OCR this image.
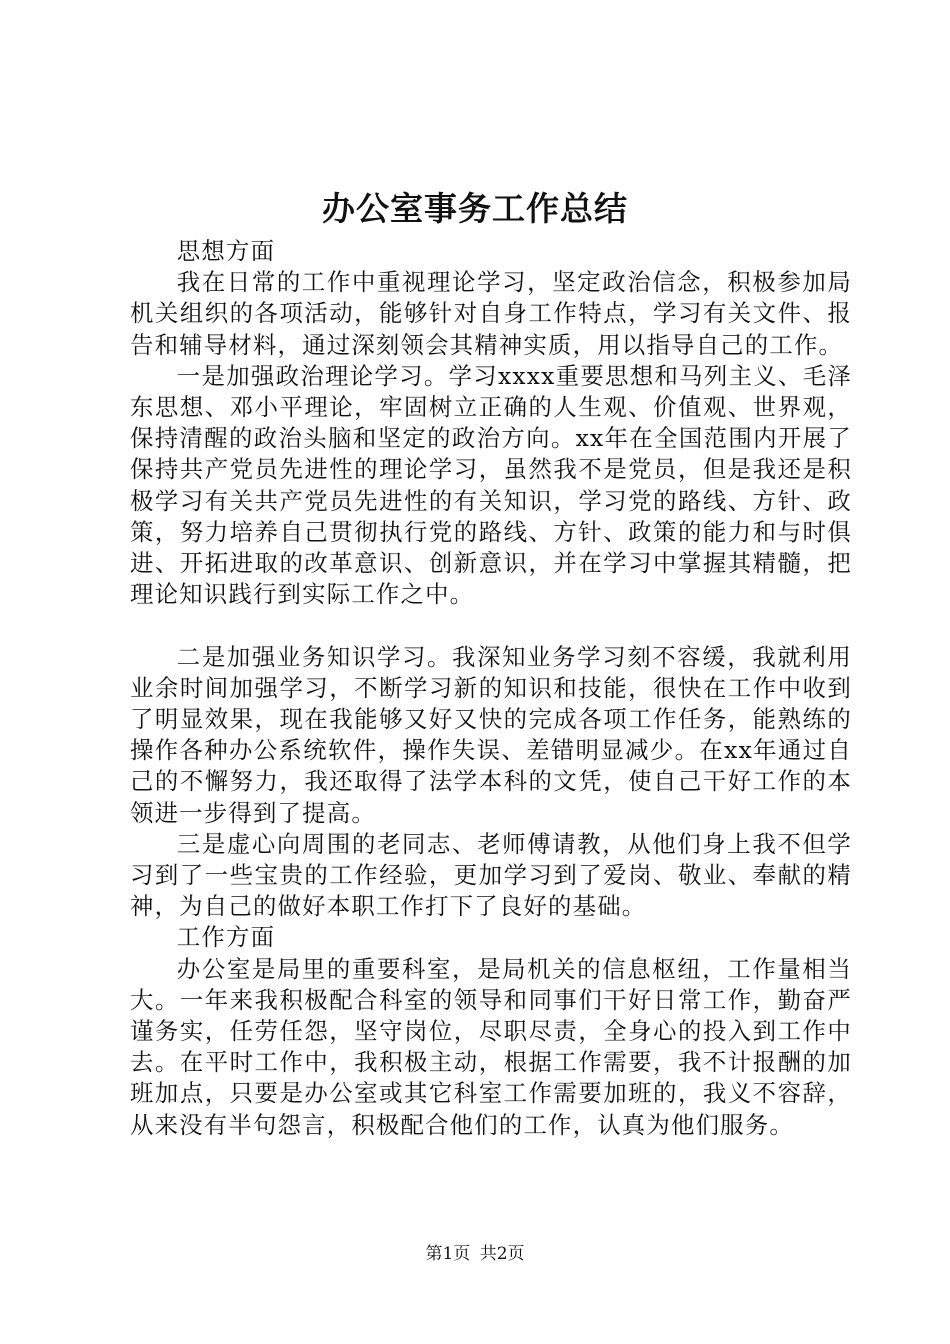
办公室事务工作总结

思想方面

我在日常的工作中重视理论学习，坚定政治信念，积极参加局机关组织的各项活动，能够针对自身工作特点，学习有关文件、报告和辅导材料，通过深刻领会其精神实质，用以指导自己的工作。

一是加强政治理论学习。学习xxxx重要思想和马列主义、毛泽东思想、邓小平理论，牢固树立正确的人生观、价值观、世界观，保持清醒的政治头脑和坚定的政治方向。xx年在全国范围内开展了保持共产党员先进性的理论学习，虽然我不是党员，但是我还是积极学习有关共产党员先进性的有关知识，学习党的路线、方针、政策，努力培养自己贯彻执行党的路线、方针、政策的能力和与时俱进、开拓进取的改革意识、创新意识，并在学习中掌握其精髓，把理论知识践行到实际工作之中。

二是加强业务知识学习。我深知业务学习刻不容缓，我就利用业余时间加强学习，不断学习新的知识和技能，很快在工作中收到了明显效果，现在我能够又好又快的完成各项工作任务，能熟练的操作各种办公系统软件，操作失误、差错明显减少。在xx年通过自己的不懈努力，我还取得了法学本科的文凭，使自己干好工作的本领进一步得到了提高。

三是虚心向周围的老同志、老师傅请教，从他们身上我不但学习到了一些宝贵的工作经验，更加学习到了爱岗、敬业、奉献的精神，为自己的做好本职工作打下了良好的基础。

工作方面

办公室是局里的重要科室，是局机关的信息枢纽，工作量相当大。一年来我积极配合科室的领导和同事们干好日常工作，勤奋严谨务实，任劳任怨，坚守岗位，尽职尽责，全身心的投入到工作中去。在平时工作中，我积极主动，根据工作需要，我不计报酬的加班加点，只要是办公室或其它科室工作需要加班的，我义不容辞，从来没有半句怨言，积极配合他们的工作，认真为他们服务。

第1页 共2页
